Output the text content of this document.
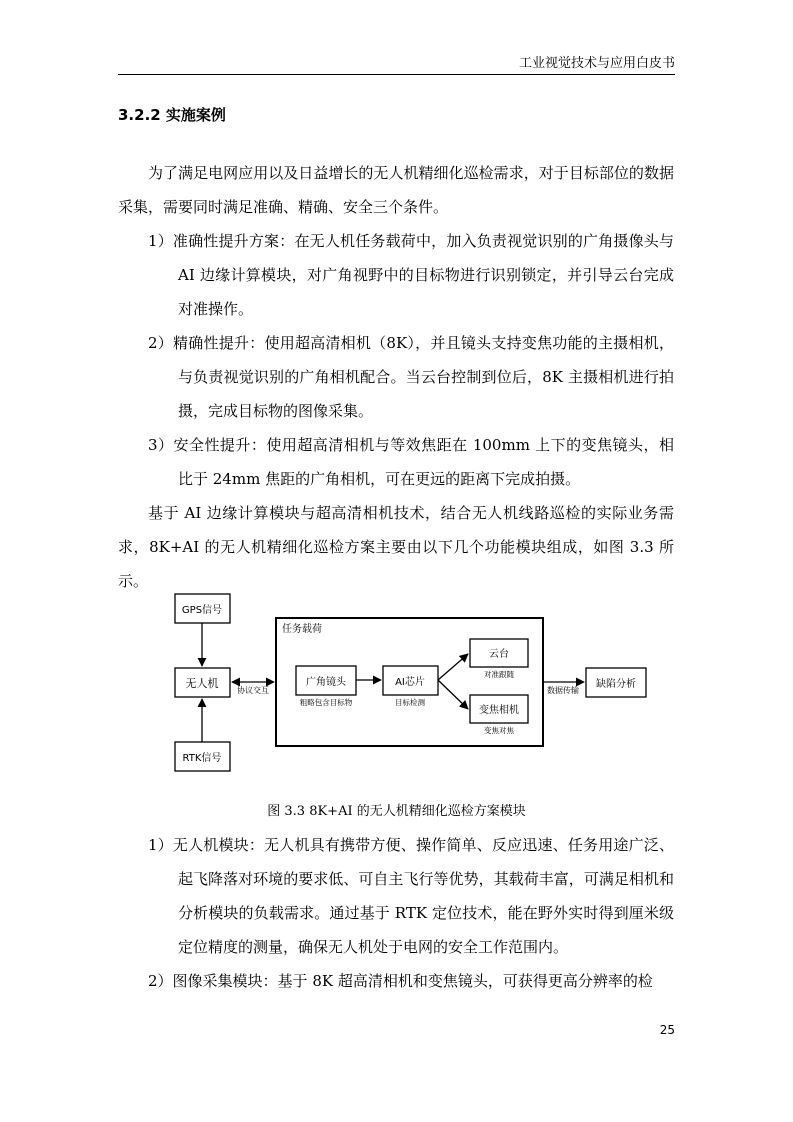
工业视觉技术与应用白皮书
3.2.2 实施案例

为了满足电网应用以及日益增长的无人机精细化巡检需求，对于目标部位的数据采集，需要同时满足准确、精确、安全三个条件。

1）准确性提升方案：在无人机任务载荷中，加入负责视觉识别的广角摄像头与 AI 边缘计算模块，对广角视野中的目标物进行识别锁定，并引导云台完成对准操作。

2）精确性提升：使用超高清相机（8K），并且镜头支持变焦功能的主摄相机，与负责视觉识别的广角相机配合。当云台控制到位后，8K 主摄相机进行拍摄，完成目标物的图像采集。

3）安全性提升：使用超高清相机与等效焦距在 100mm 上下的变焦镜头，相比于 24mm 焦距的广角相机，可在更远的距离下完成拍摄。

基于 AI 边缘计算模块与超高清相机技术，结合无人机线路巡检的实际业务需求，8K+AI 的无人机精细化巡检方案主要由以下几个功能模块组成，如图 3.3 所示。

GPS信号
无人机
RTK信号
任务载荷
协议交互
广角镜头
粗略包含目标物
AI芯片
目标检测
云台
对准跟随
变焦相机
变焦对焦
数据传输
缺陷分析
图 3.3 8K+AI 的无人机精细化巡检方案模块

1）无人机模块：无人机具有携带方便、操作简单、反应迅速、任务用途广泛、起飞降落对环境的要求低、可自主飞行等优势，其载荷丰富，可满足相机和分析模块的负载需求。通过基于 RTK 定位技术，能在野外实时得到厘米级定位精度的测量，确保无人机处于电网的安全工作范围内。

2）图像采集模块：基于 8K 超高清相机和变焦镜头，可获得更高分辨率的检

25
